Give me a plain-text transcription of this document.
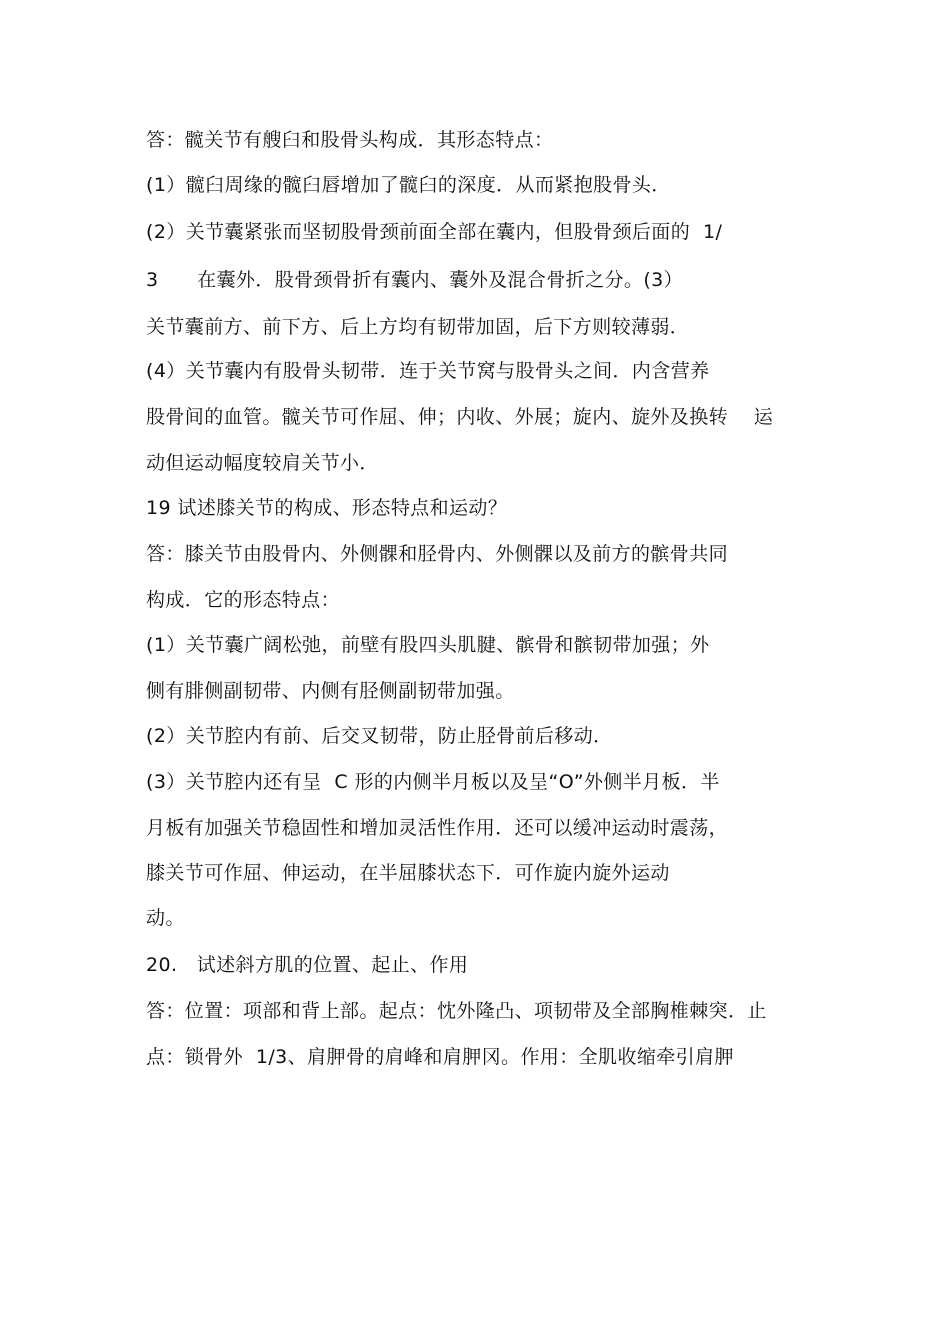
答：髋关节有艘臼和股骨头构成．其形态特点：
(1）髋臼周缘的髋臼唇增加了髋臼的深度．从而紧抱股骨头．
(2）关节囊紧张而坚韧股骨颈前面全部在囊内，但股骨颈后面的  1/
3      在囊外．股骨颈骨折有囊内、囊外及混合骨折之分。(3）
关节囊前方、前下方、后上方均有韧带加固，后下方则较薄弱．
(4）关节囊内有股骨头韧带．连于关节窝与股骨头之间．内含营养
股骨间的血管。髋关节可作屈、伸；内收、外展；旋内、旋外及换转    运
动但运动幅度较肩关节小．
19 试述膝关节的构成、形态特点和运动？
答：膝关节由股骨内、外侧髁和胫骨内、外侧髁以及前方的髌骨共同
构成．它的形态特点：
(1）关节囊广阔松弛，前壁有股四头肌腱、髌骨和髌韧带加强；外
侧有腓侧副韧带、内侧有胫侧副韧带加强。
(2）关节腔内有前、后交叉韧带，防止胫骨前后移动．
(3）关节腔内还有呈  C 形的内侧半月板以及呈“O”外侧半月板．半
月板有加强关节稳固性和增加灵活性作用．还可以缓冲运动时震荡，
膝关节可作屈、伸运动，在半屈膝状态下．可作旋内旋外运动
动。
20.   试述斜方肌的位置、起止、作用
答：位置：项部和背上部。起点：忱外隆凸、项韧带及全部胸椎棘突．止
点：锁骨外  1/3、肩胛骨的肩峰和肩胛冈。作用：全肌收缩牵引肩胛
